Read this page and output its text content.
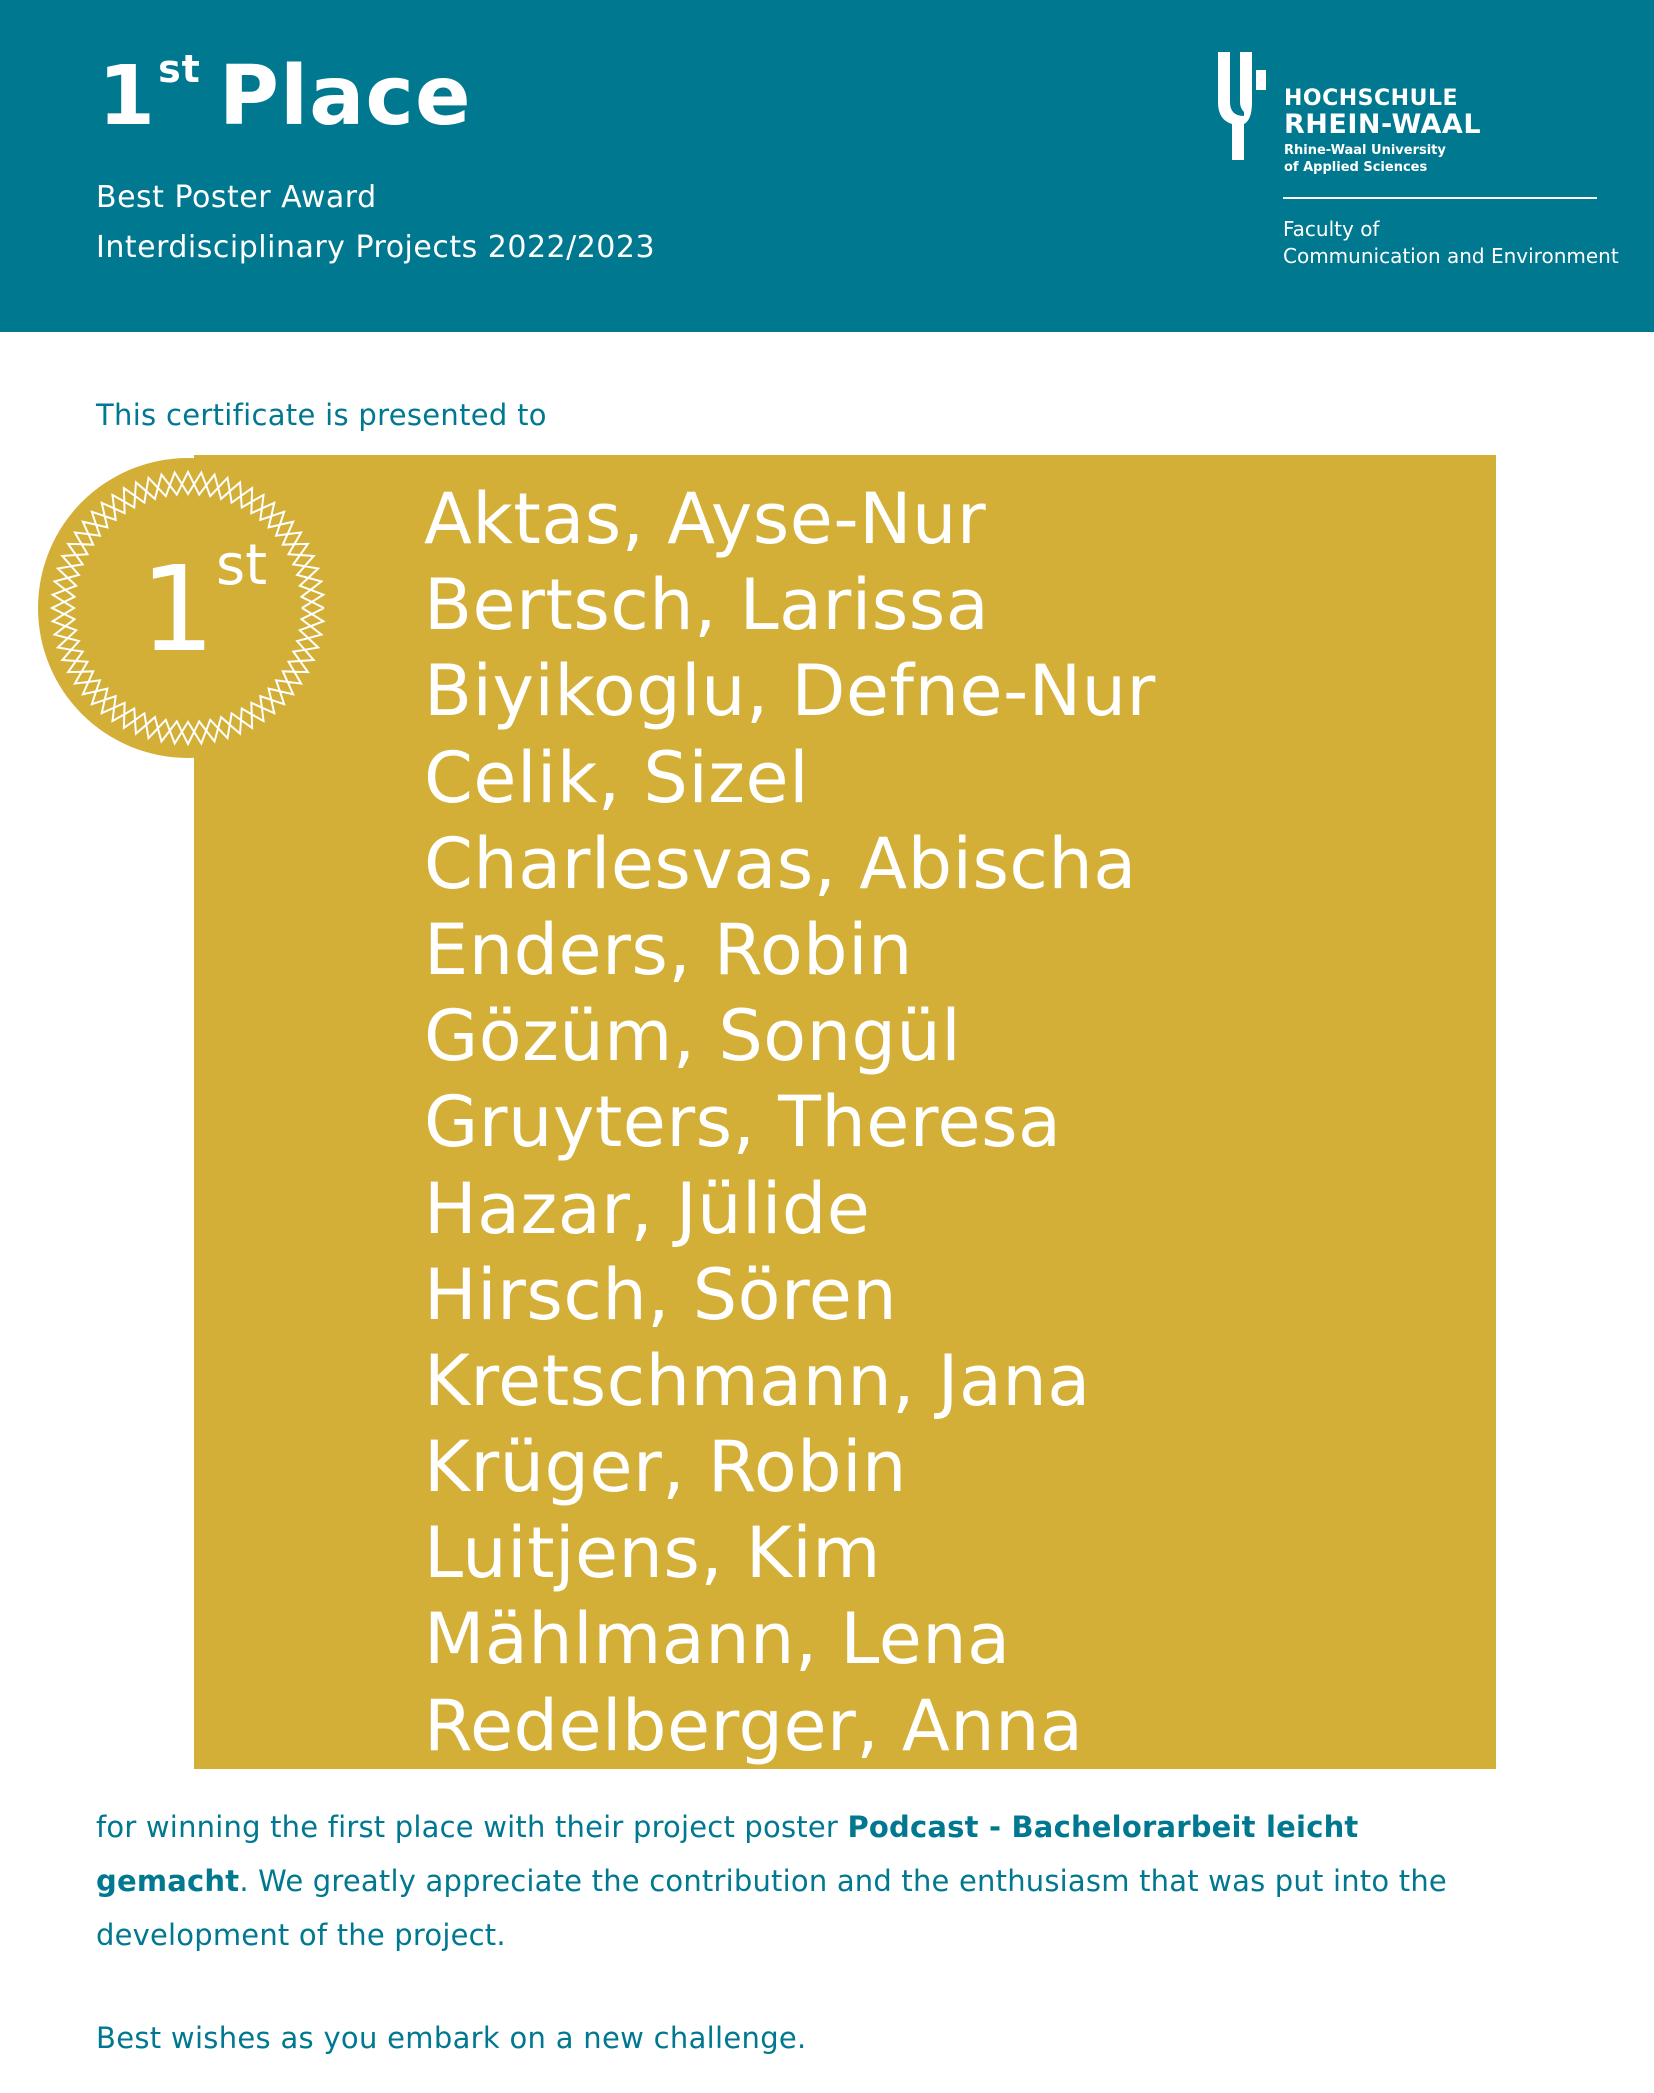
1st Place
Best Poster Award
Interdisciplinary Projects 2022/2023
HOCHSCHULE
RHEIN-WAAL
Rhine-Waal University
of Applied Sciences
Faculty of
Communication and Environment
This certificate is presented to
1 st
Aktas, Ayse-Nur
Bertsch, Larissa
Biyikoglu, Defne-Nur
Celik, Sizel
Charlesvas, Abischa
Enders, Robin
Gözüm, Songül
Gruyters, Theresa
Hazar, Jülide
Hirsch, Sören
Kretschmann, Jana
Krüger, Robin
Luitjens, Kim
Mählmann, Lena
Redelberger, Anna
for winning the first place with their project poster Podcast - Bachelorarbeit leicht gemacht. We greatly appreciate the contribution and the enthusiasm that was put into the development of the project.
Best wishes as you embark on a new challenge.
